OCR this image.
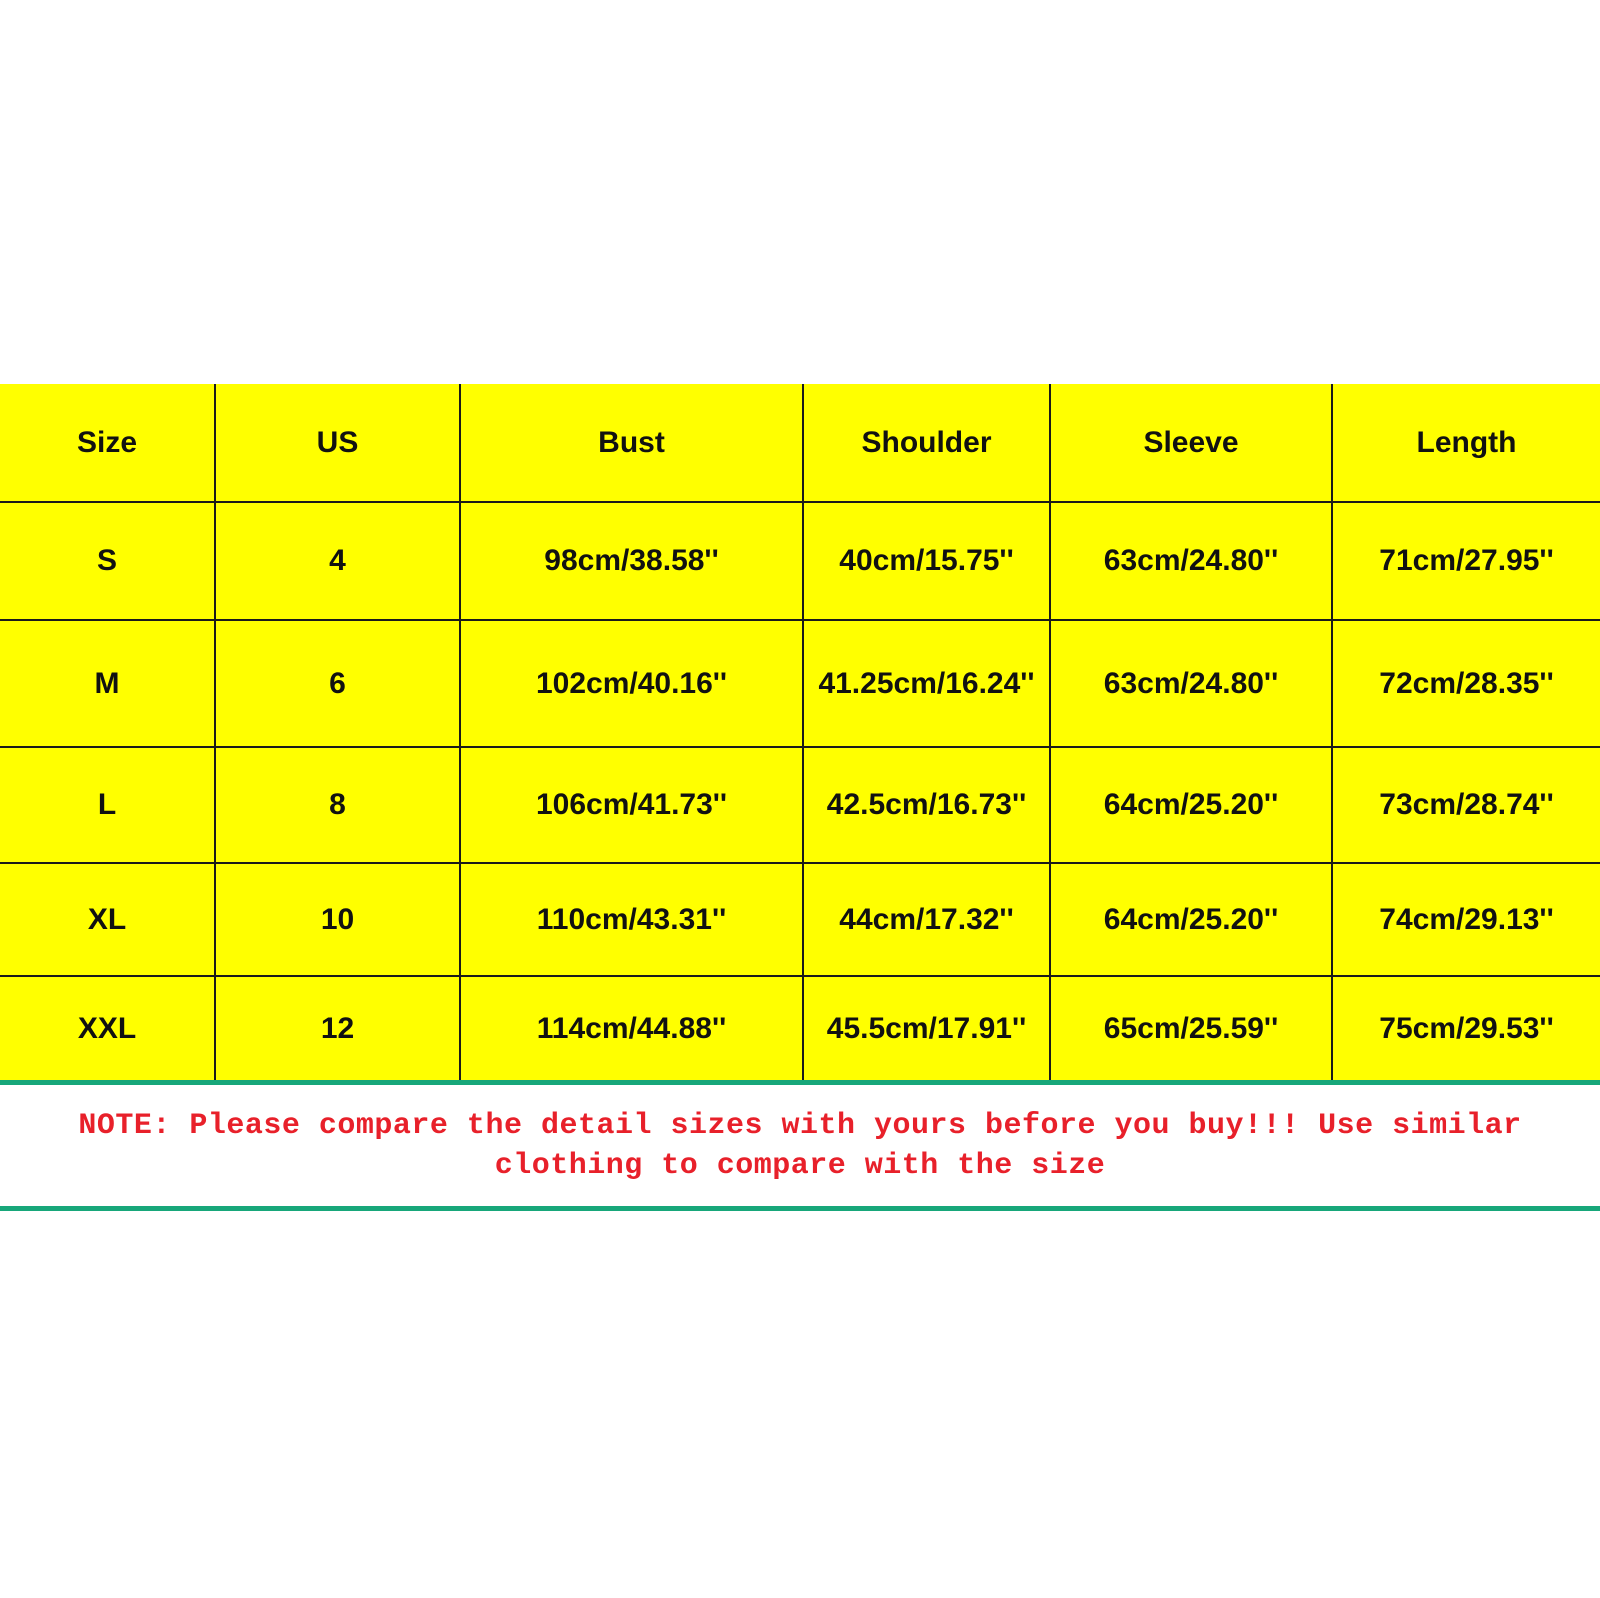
Size	US	Bust	Shoulder	Sleeve	Length
S	4	98cm/38.58''	40cm/15.75''	63cm/24.80''	71cm/27.95''
M	6	102cm/40.16''	41.25cm/16.24''	63cm/24.80''	72cm/28.35''
L	8	106cm/41.73''	42.5cm/16.73''	64cm/25.20''	73cm/28.74''
XL	10	110cm/43.31''	44cm/17.32''	64cm/25.20''	74cm/29.13''
XXL	12	114cm/44.88''	45.5cm/17.91''	65cm/25.59''	75cm/29.53''
NOTE: Please compare the detail sizes with yours before you buy!!! Use similar clothing to compare with the size
